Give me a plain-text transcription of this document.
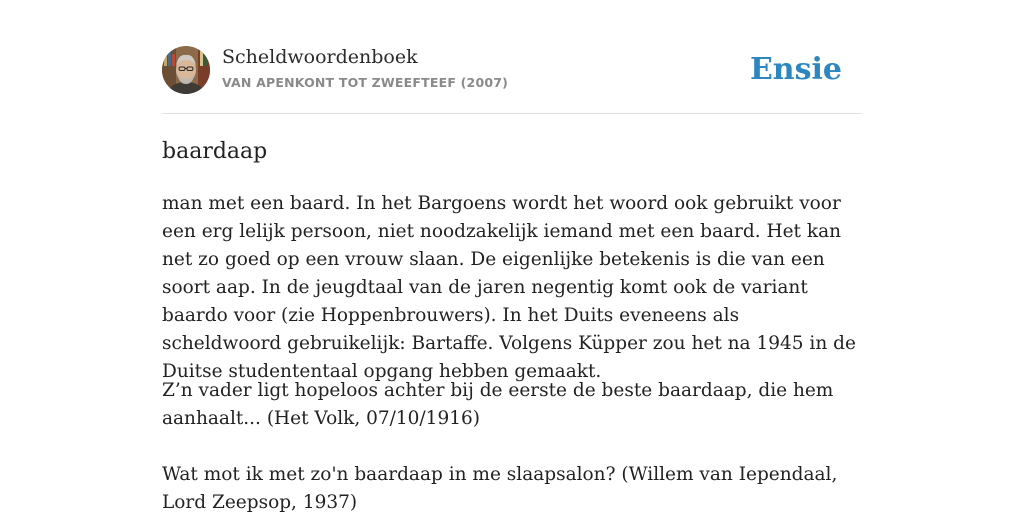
Scheldwoordenboek
VAN APENKONT TOT ZWEEFTEEF (2007)	Ensie
baardaap

man met een baard. In het Bargoens wordt het woord ook gebruikt voor een erg lelijk persoon, niet noodzakelijk iemand met een baard. Het kan net zo goed op een vrouw slaan. De eigenlijke betekenis is die van een soort aap. In de jeugdtaal van de jaren negentig komt ook de variant baardo voor (zie Hoppenbrouwers). In het Duits eveneens als scheldwoord gebruikelijk: Bartaffe. Volgens Küpper zou het na 1945 in de Duitse studententaal opgang hebben gemaakt.

Z’n vader ligt hopeloos achter bij de eerste de beste baardaap, die hem aanhaalt... (Het Volk, 07/10/1916)

Wat mot ik met zo'n baardaap in me slaapsalon? (Willem van Iependaal, Lord Zeepsop, 1937)
